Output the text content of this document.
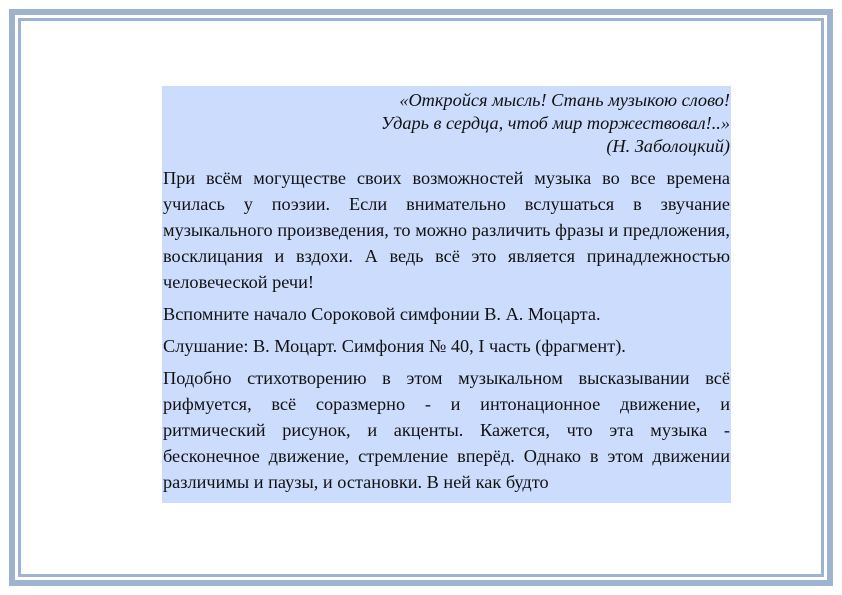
«Откройся мысль! Стань музыкою слово!
Ударь в сердца, чтоб мир торжествовал!..»
(Н. Заболоцкий)

При всём могуществе своих возможностей музыка во все времена училась у поэзии. Если внимательно вслушаться в звучание музыкального произведения, то можно различить фразы и предложения, восклицания и вздохи. А ведь всё это является принадлежностью человеческой речи!

Вспомните начало Сороковой симфонии В. А. Моцарта.

Слушание: В. Моцарт. Симфония № 40, I часть (фрагмент).

Подобно стихотворению в этом музыкальном высказывании всё рифмуется, всё соразмерно - и интонационное движение, и ритмический рисунок, и акценты. Кажется, что эта музыка - бесконечное движение, стремление вперёд. Однако в этом движении различимы и паузы, и остановки. В ней как будто
